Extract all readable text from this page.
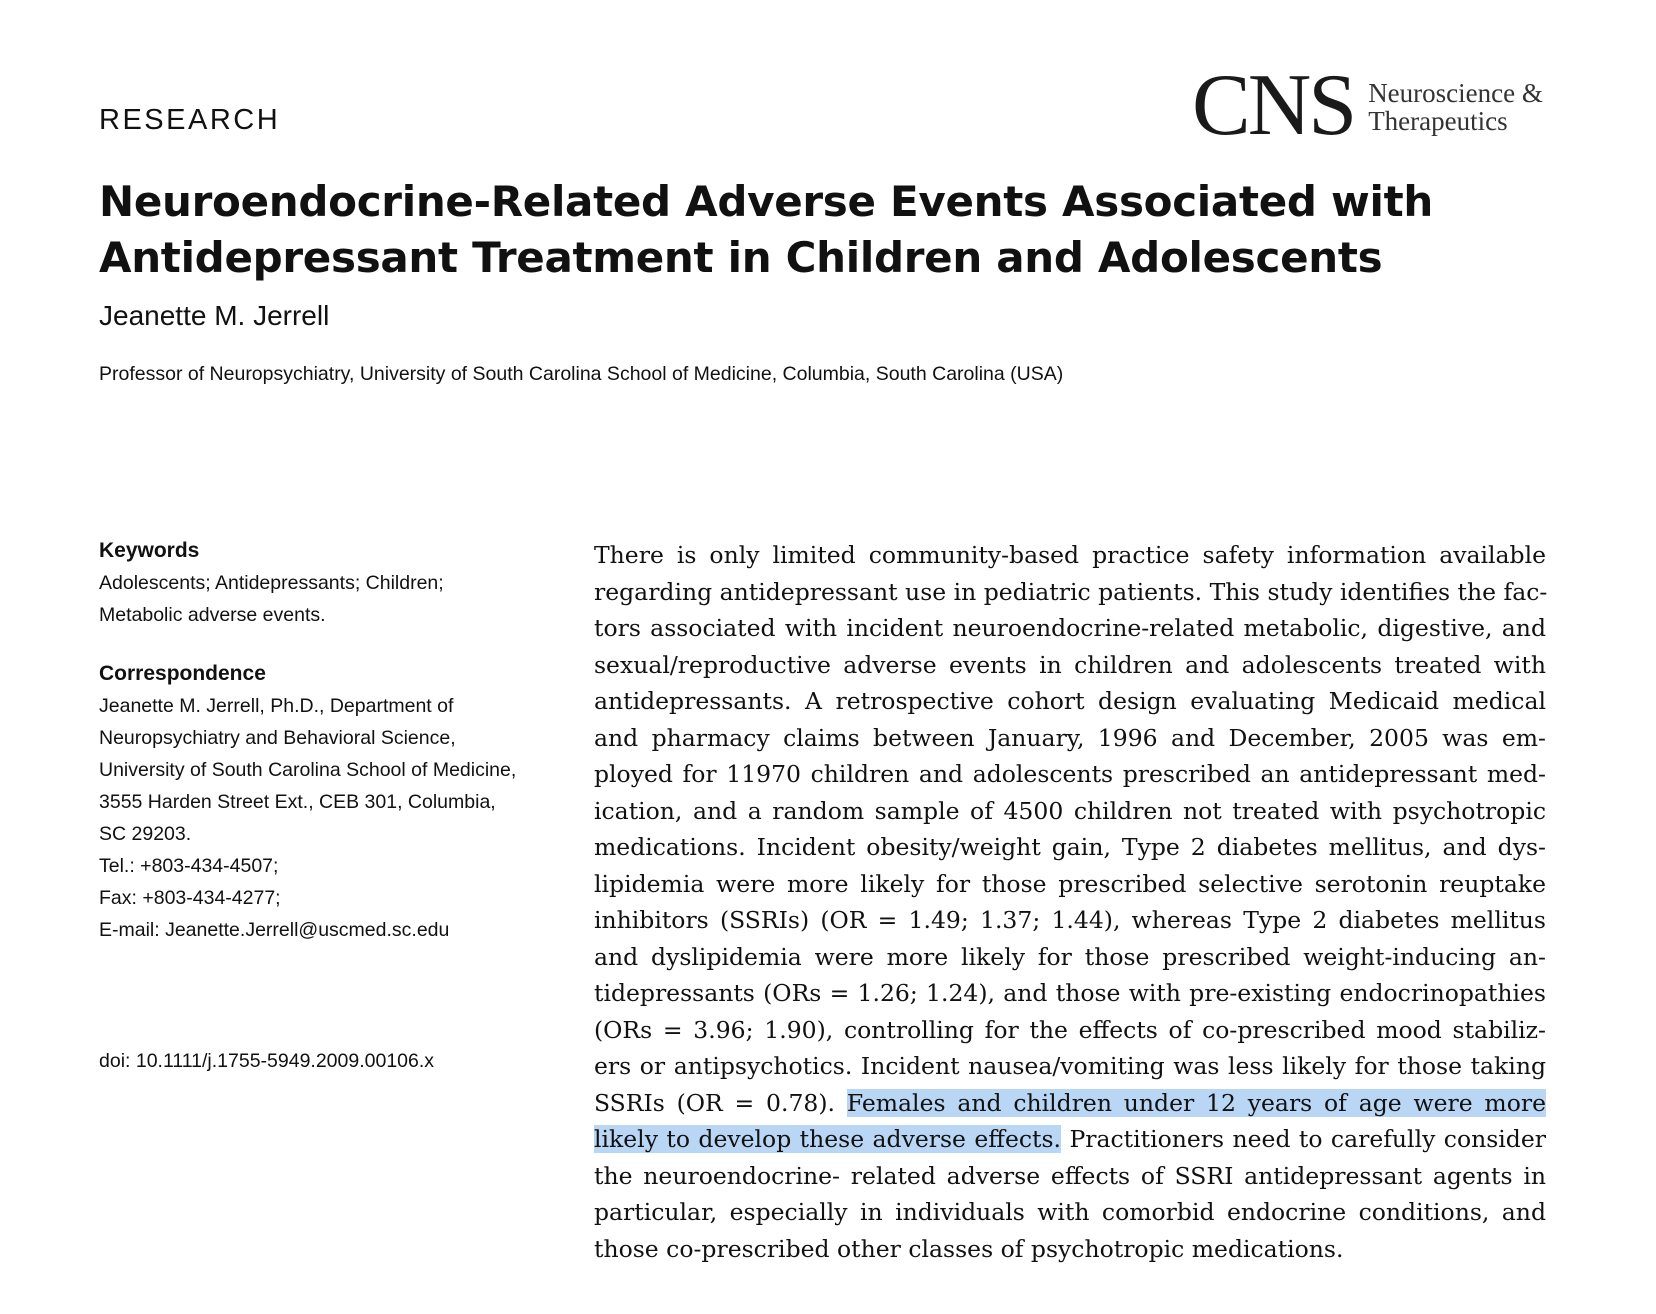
RESEARCH	CNS Neuroscience &
Therapeutics
Neuroendocrine-Related Adverse Events Associated with
Antidepressant Treatment in Children and Adolescents
Jeanette M. Jerrell
Professor of Neuropsychiatry, University of South Carolina School of Medicine, Columbia, South Carolina (USA)

Keywords

Adolescents; Antidepressants; Children;

Metabolic adverse events.

Correspondence

Jeanette M. Jerrell, Ph.D., Department of

Neuropsychiatry and Behavioral Science,

University of South Carolina School of Medicine,

3555 Harden Street Ext., CEB 301, Columbia,

SC 29203.

Tel.: +803-434-4507;

Fax: +803-434-4277;

E-mail: Jeanette.Jerrell@uscmed.sc.edu

doi: 10.1111/j.1755-5949.2009.00106.x
There is only limited community-based practice safety information available
regarding antidepressant use in pediatric patients. This study identifies the fac-
tors associated with incident neuroendocrine-related metabolic, digestive, and
sexual/reproductive adverse events in children and adolescents treated with
antidepressants. A retrospective cohort design evaluating Medicaid medical
and pharmacy claims between January, 1996 and December, 2005 was em-
ployed for 11970 children and adolescents prescribed an antidepressant med-
ication, and a random sample of 4500 children not treated with psychotropic
medications. Incident obesity/weight gain, Type 2 diabetes mellitus, and dys-
lipidemia were more likely for those prescribed selective serotonin reuptake
inhibitors (SSRIs) (OR = 1.49; 1.37; 1.44), whereas Type 2 diabetes mellitus
and dyslipidemia were more likely for those prescribed weight-inducing an-
tidepressants (ORs = 1.26; 1.24), and those with pre-existing endocrinopathies
(ORs = 3.96; 1.90), controlling for the effects of co-prescribed mood stabiliz-
ers or antipsychotics. Incident nausea/vomiting was less likely for those taking
SSRIs (OR = 0.78). Females and children under 12 years of age were more
likely to develop these adverse effects. Practitioners need to carefully consider
the neuroendocrine- related adverse effects of SSRI antidepressant agents in
particular, especially in individuals with comorbid endocrine conditions, and
those co-prescribed other classes of psychotropic medications.
